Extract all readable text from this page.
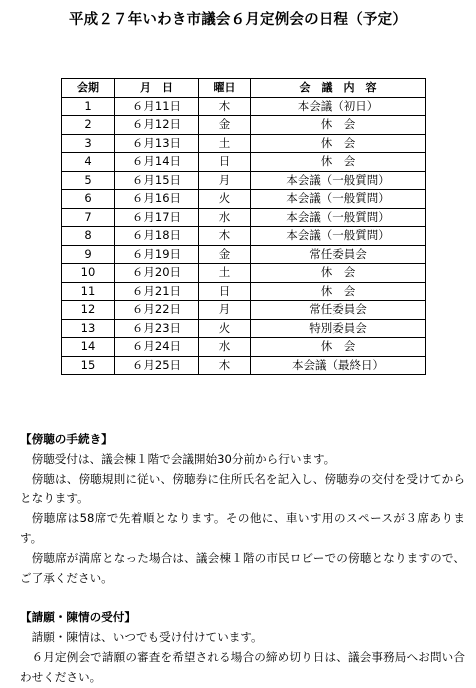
平成２７年いわき市議会６月定例会の日程（予定）
会期	月　日	曜日	会　議　内　容
1	６月11日	木	本会議（初日）
2	６月12日	金	休　会
3	６月13日	土	休　会
4	６月14日	日	休　会
5	６月15日	月	本会議（一般質問）
6	６月16日	火	本会議（一般質問）
7	６月17日	水	本会議（一般質問）
8	６月18日	木	本会議（一般質問）
9	６月19日	金	常任委員会
10	６月20日	土	休　会
11	６月21日	日	休　会
12	６月22日	月	常任委員会
13	６月23日	火	特別委員会
14	６月24日	水	休　会
15	６月25日	木	本会議（最終日）
【傍聴の手続き】
傍聴受付は、議会棟１階で会議開始30分前から行います。
傍聴は、傍聴規則に従い、傍聴券に住所氏名を記入し、傍聴券の交付を受けてからとなります。
傍聴席は58席で先着順となります。その他に、車いす用のスペースが３席あります。
傍聴席が満席となった場合は、議会棟１階の市民ロビーでの傍聴となりますので、ご了承ください。
【請願・陳情の受付】
請願・陳情は、いつでも受け付けています。
６月定例会で請願の審査を希望される場合の締め切り日は、議会事務局へお問い合わせください。
